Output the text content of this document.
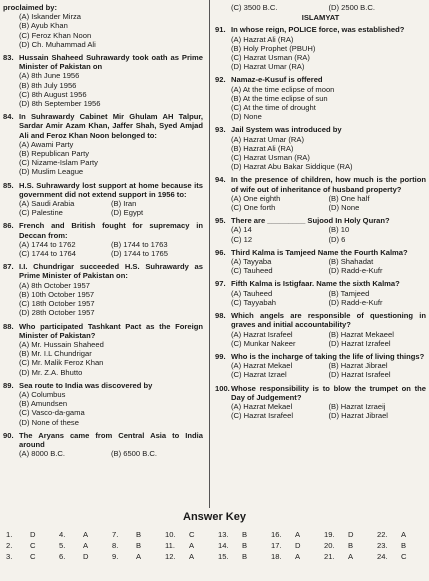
proclaimed by:
(A) Iskander Mirza
(B) Ayub Khan
(C) Feroz Khan Noon
(D) Ch. Muhammad Ali
83. Hussain Shaheed Suhrawardy took oath as Prime Minister of Pakistan on
(A) 8th June 1956
(B) 8th July 1956
(C) 8th August 1956
(D) 8th September 1956
84. In Suhrawardy Cabinet Mir Ghulam AH Talpur, Sardar Amir Azam Khan, Jaffer Shah, Syed Amjad Ali and Feroz Khan Noon belonged to:
(A) Awami Party
(B) Republican Party
(C) Nizame-Islam Party
(D) Muslim League
85. H.S. Suhrawardy lost support at home because its government did not extend support in 1956 to:
(A) Saudi Arabia	(B) Iran
(C) Palestine	(D) Egypt
86. French and British fought for supremacy in Deccan from:
(A) 1744 to 1762	(B) 1744 to 1763
(C) 1744 to 1764	(D) 1744 to 1765
87. I.I. Chundrigar succeeded H.S. Suhrawardy as Prime Minister of Pakistan on:
(A) 8th October 1957
(B) 10th October 1957
(C) 18th October 1957
(D) 28th October 1957
88. Who participated Tashkant Pact as the Foreign Minister of Pakistan?
(A) Mr. Hussain Shaheed
(B) Mr. I.L Chundrigar
(C) Mr. Malik Feroz Khan
(D) Mr. Z.A. Bhutto
89. Sea route to India was discovered by
(A) Columbus
(B) Amundsen
(C) Vasco-da-gama
(D) None of these
90. The Aryans came from Central Asia to India around
(A) 8000 B.C.	(B) 6500 B.C.
(C) 3500 B.C.	(D) 2500 B.C.
ISLAMYAT
91. In whose reign, POLICE force, was established?
(A) Hazrat Ali (RA)
(B) Holy Prophet (PBUH)
(C) Hazrat Usman (RA)
(D) Hazrat Umar (RA)
92. Namaz-e-Kusuf is offered
(A) At the time eclipse of moon
(B) At the time eclipse of sun
(C) At the time of drought
(D) None
93. Jail System was introduced by
(A) Hazrat Umar (RA)
(B) Hazrat Ali (RA)
(C) Hazrat Usman (RA)
(D) Hazrat Abu Bakar Siddique (RA)
94. In the presence of children, how much is the portion of wife out of inheritance of husband property?
(A) One eighth	(B) One half
(C) One forth	(D) None
95. There are _________ Sujood In Holy Quran?
(A) 14	(B) 10
(C) 12	(D) 6
96. Third Kalma is Tamjeed Name the Fourth Kalma?
(A) Tayyaba	(B) Shahadat
(C) Tauheed	(D) Radd-e-Kufr
97. Fifth Kalma is Istigfaar. Name the sixth Kalma?
(A) Tauheed	(B) Tamjeed
(C) Tayyabah	(D) Radd-e-Kufr
98. Which angels are responsible of questioning in graves and initial accountability?
(A) Hazrat Israfeel	(B) Hazrat Mekaeel
(C) Munkar Nakeer	(D) Hazrat Izrafeel
99. Who is the incharge of taking the life of living things?
(A) Hazrat Mekael	(B) Hazrat Jibrael
(C) Hazrat Izrael	(D) Hazrat Israfeel
100. Whose responsibility is to blow the trumpet on the Day of Judgement?
(A) Hazrat Mekael	(B) Hazrat Izraeij
(C) Hazrat Israfeel	(D) Hazrat Jibrael
Answer Key
1.	D	4.	A	7.	B	10.	C	13.	B	16.	A	19.	D	22.	A
2.	C	5.	A	8.	B	11.	A	14.	B	17.	D	20.	B	23.	B
3.	C	6.	D	9.	A	12.	A	15.	B	18.	A	21.	A	24.	C
